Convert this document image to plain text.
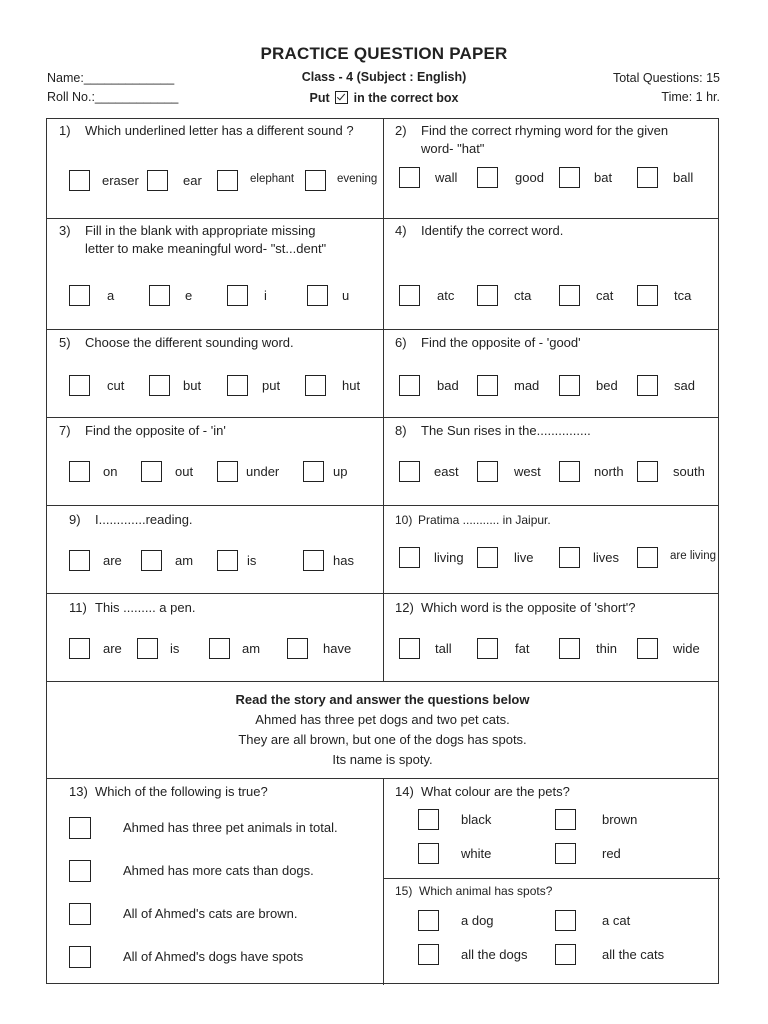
PRACTICE QUESTION PAPER
Name:_____________
Roll No.:____________
Class - 4 (Subject : English)
Put in the correct box
Total Questions: 15
Time: 1 hr.
1) Which underlined letter has a different sound ?
eraser	ear	elephant	evening
2) Find the correct rhyming word for the given word- "hat"
wall	good	bat	ball
3) Fill in the blank with appropriate missing letter to make meaningful word- "st...dent"
a	e	i	u
4) Identify the correct word.
atc	cta	cat	tca
5) Choose the different sounding word.
cut	but	put	hut
6) Find the opposite of - 'good'
bad	mad	bed	sad
7) Find the opposite of - 'in'
on	out	under	up
8) The Sun rises in the...............
east	west	north	south
9) I.............reading.
are	am	is	has
10) Pratima ........... in Jaipur.
living	live	lives	are living
11) This ......... a pen.
are	is	am	have
12) Which word is the opposite of 'short'?
tall	fat	thin	wide
Read the story and answer the questions below
Ahmed has three pet dogs and two pet cats.
They are all brown, but one of the dogs has spots.
Its name is spoty.
13) Which of the following is true?
Ahmed has three pet animals in total.
Ahmed has more cats than dogs.
All of Ahmed's cats are brown.
All of Ahmed's dogs have spots
14) What colour are the pets?
black	brown
white	red
15) Which animal has spots?
a dog	a cat
all the dogs	all the cats
